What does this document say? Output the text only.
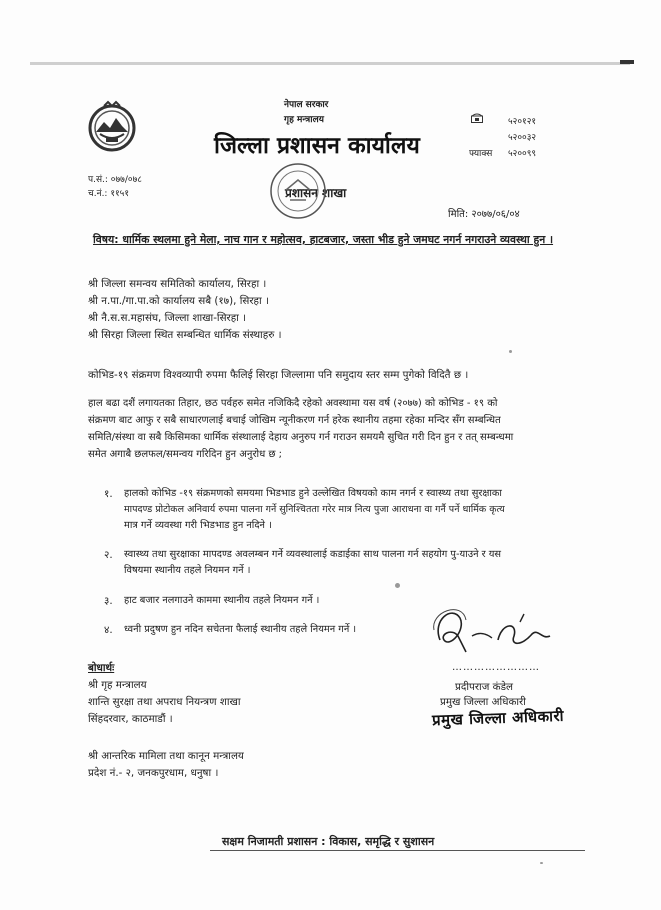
नेपाल सरकार
गृह मन्त्रालय
जिल्ला प्रशासन कार्यालय
प्रशासन शाखा
५२०१२१
५२००३२
फ्याक्स ५२००९९
प.सं.: ०७७/०७८
च.नं.: ११५१
मिति: २०७७/०६/०४
विषय: धार्मिक स्थलमा हुने मेला, नाच गान र महोत्सव, हाटबजार, जस्ता भीड हुने जमघट नगर्न नगराउने व्यवस्था हुन ।
श्री जिल्ला समन्वय समितिको कार्यालय, सिरहा ।
श्री न.पा./गा.पा.को कार्यालय सबै (१७), सिरहा ।
श्री नै.स.स.महासंघ, जिल्ला शाखा-सिरहा ।
श्री सिरहा जिल्ला स्थित सम्बन्धित धार्मिक संस्थाहरु ।
कोभिड-१९ संक्रमण विश्वव्यापी रुपमा फैलिई सिरहा जिल्लामा पनि समुदाय स्तर सम्म पुगेको विदितै छ ।
हाल बढा दशैं लगायतका तिहार, छठ पर्वहरु समेत नजिकिदै रहेको अवस्थामा यस वर्ष (२०७७) को कोभिड - १९ को
संक्रमण बाट आफु र सबै साधारणलाई बचाई जोखिम न्यूनीकरण गर्न हरेक स्थानीय तहमा रहेका मन्दिर सँग सम्बन्धित
समिति/संस्था वा सबै किसिमका धार्मिक संस्थालाई देहाय अनुरुप गर्न गराउन समयमै सुचित गरी दिन हुन र तत् सम्बन्धमा
समेत अगाबै छलफल/समन्वय गरिदिन हुन अनुरोध छ ;
१. हालको कोभिड -१९ संक्रमणको समयमा भिडभाड हुने उल्लेखित विषयको काम नगर्न र स्वास्थ्य तथा सुरक्षाका
मापदण्ड प्रोटोकल अनिवार्य रुपमा पालना गर्ने सुनिश्चितता गरेर मात्र नित्य पुजा आराधना वा गर्नै पर्ने धार्मिक कृत्य
मात्र गर्ने व्यवस्था गरी भिडभाड हुन नदिने ।
२. स्वास्थ्य तथा सुरक्षाका मापदण्ड अवलम्बन गर्ने व्यवस्थालाई कडाईका साथ पालना गर्न सहयोग पु-याउने र यस
विषयमा स्थानीय तहले नियमन गर्ने ।
३. हाट बजार नलगाउने काममा स्थानीय तहले नियमन गर्ने ।
४. ध्वनी प्रदुषण हुन नदिन सचेतना फैलाई स्थानीय तहले नियमन गर्ने ।
……………………
प्रदीपराज कंडेल
प्रमुख जिल्ला अधिकारी
प्रमुख जिल्ला अधिकारी
बोधार्थः
श्री गृह मन्त्रालय
शान्ति सुरक्षा तथा अपराध नियन्त्रण शाखा
सिंहदरवार, काठमाडौं ।
श्री आन्तरिक मामिला तथा कानून मन्त्रालय
प्रदेश नं.- २, जनकपुरधाम, धनुषा ।
सक्षम निजामती प्रशासन : विकास, समृद्धि र सुशासन
